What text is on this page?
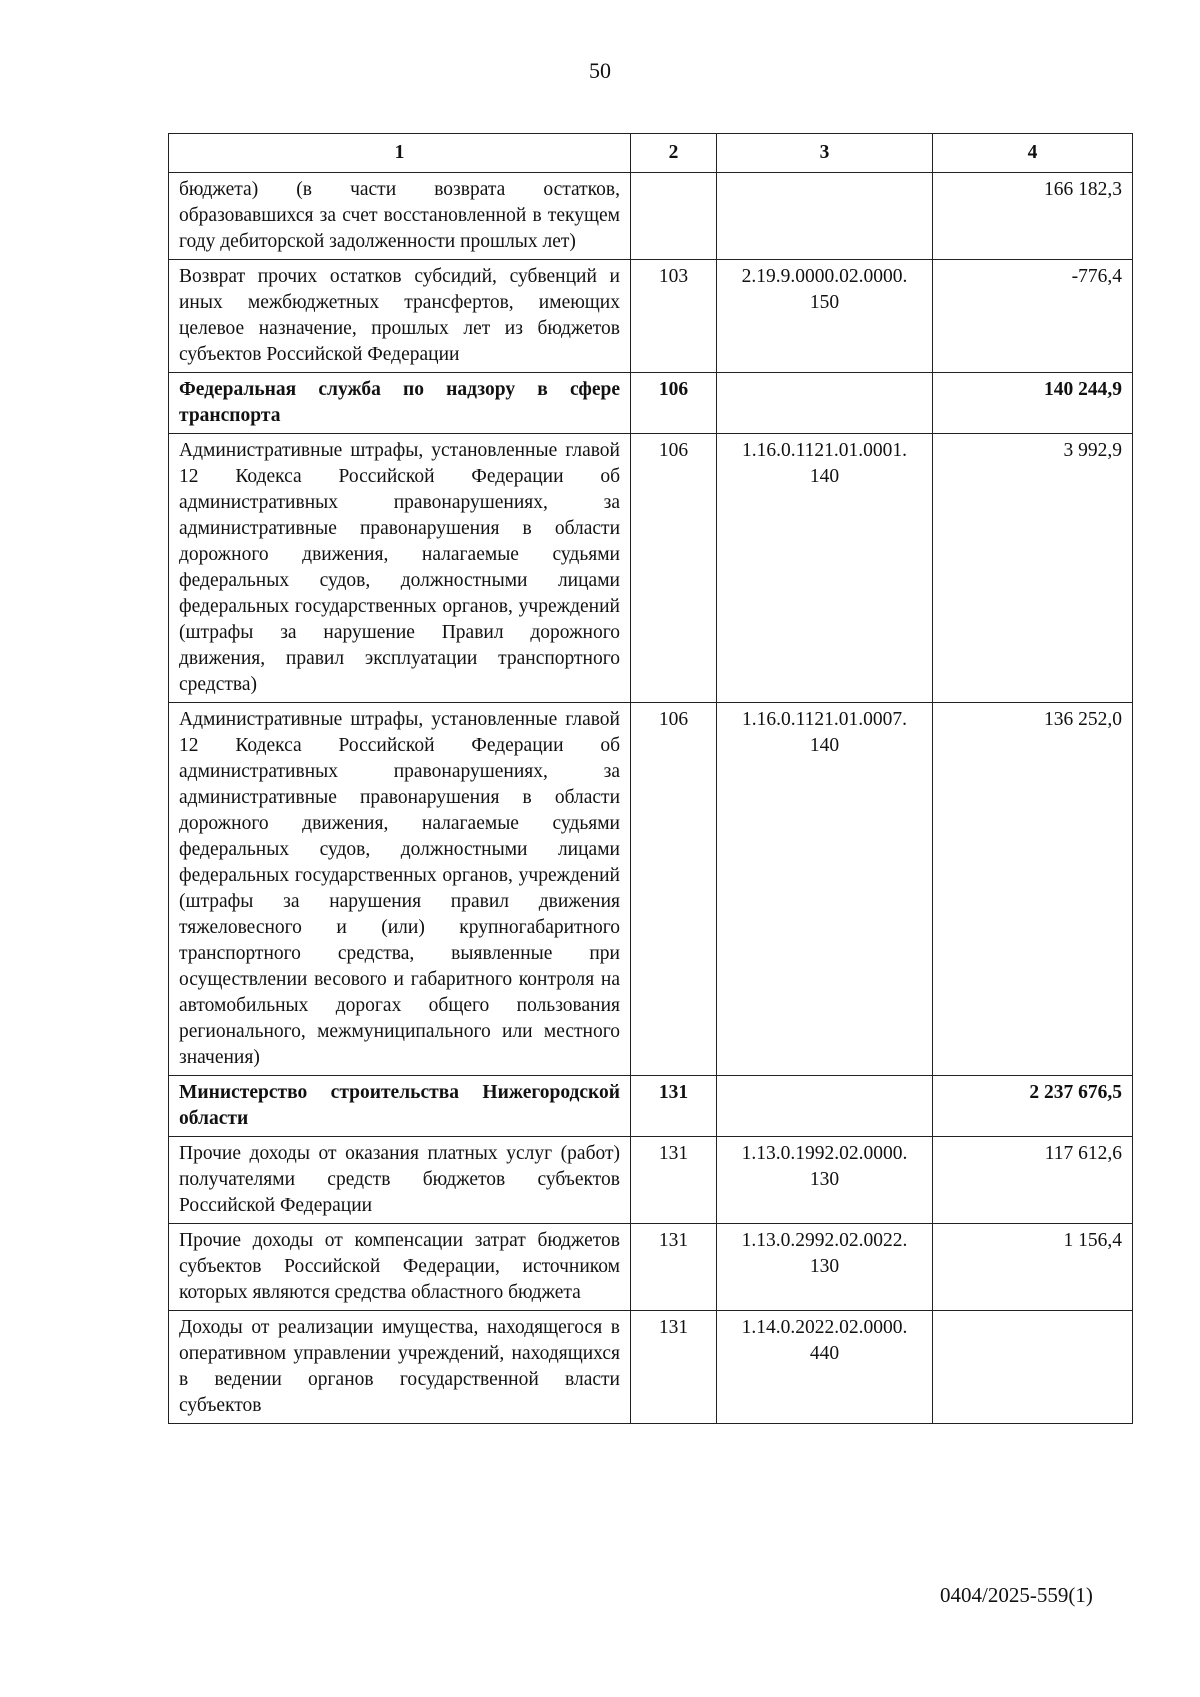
50
1	2	3	4
бюджета) (в части возврата остатков, образовавшихся за счет восстановленной в текущем году дебиторской задолженности прошлых лет)			166 182,3
Возврат прочих остатков субсидий, субвенций и иных межбюджетных трансфертов, имеющих целевое назначение, прошлых лет из бюджетов субъектов Российской Федерации	103	2.19.9.0000.02.0000. 150	-776,4
Федеральная служба по надзору в сфере транспорта	106		140 244,9
Административные штрафы, установленные главой 12 Кодекса Российской Федерации об административных правонарушениях, за административные правонарушения в области дорожного движения, налагаемые судьями федеральных судов, должностными лицами федеральных государственных органов, учреждений (штрафы за нарушение Правил дорожного движения, правил эксплуатации транспортного средства)	106	1.16.0.1121.01.0001. 140	3 992,9
Административные штрафы, установленные главой 12 Кодекса Российской Федерации об административных правонарушениях, за административные правонарушения в области дорожного движения, налагаемые судьями федеральных судов, должностными лицами федеральных государственных органов, учреждений (штрафы за нарушения правил движения тяжеловесного и (или) крупногабаритного транспортного средства, выявленные при осуществлении весового и габаритного контроля на автомобильных дорогах общего пользования регионального, межмуниципального или местного значения)	106	1.16.0.1121.01.0007. 140	136 252,0
Министерство строительства Нижегородской области	131		2 237 676,5
Прочие доходы от оказания платных услуг (работ) получателями средств бюджетов субъектов Российской Федерации	131	1.13.0.1992.02.0000. 130	117 612,6
Прочие доходы от компенсации затрат бюджетов субъектов Российской Федерации, источником которых являются средства областного бюджета	131	1.13.0.2992.02.0022. 130	1 156,4
Доходы от реализации имущества, находящегося в оперативном управлении учреждений, находящихся в ведении органов государственной власти субъектов	131	1.14.0.2022.02.0000. 440	
0404/2025-559(1)
